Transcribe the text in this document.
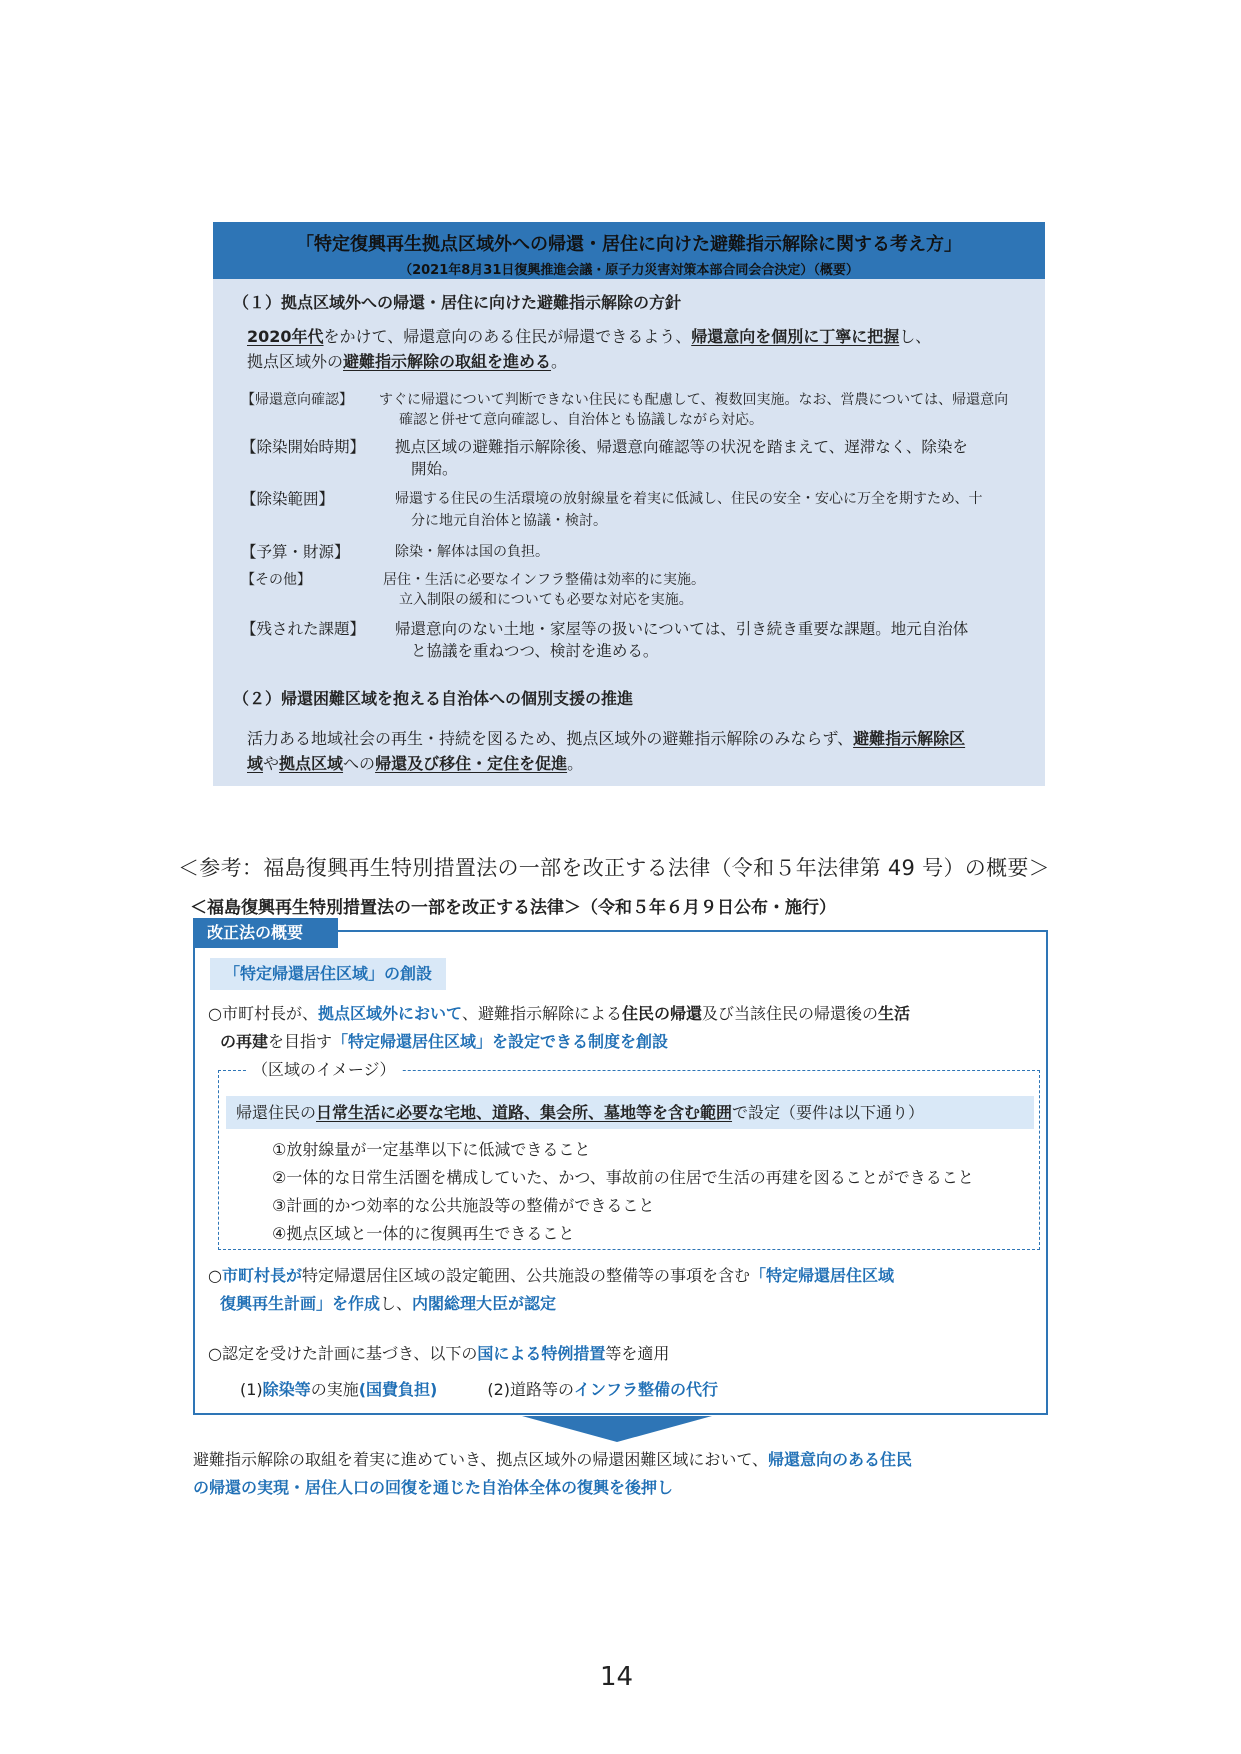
「特定復興再生拠点区域外への帰還・居住に向けた避難指示解除に関する考え方」
（2021年8月31日復興推進会議・原子力災害対策本部合同会合決定）（概要）
（１）拠点区域外への帰還・居住に向けた避難指示解除の方針
2020年代をかけて、帰還意向のある住民が帰還できるよう、帰還意向を個別に丁寧に把握し、
拠点区域外の避難指示解除の取組を進める。
【帰還意向確認】 すぐに帰還について判断できない住民にも配慮して、複数回実施。なお、営農については、帰還意向
確認と併せて意向確認し、自治体とも協議しながら対応。
【除染開始時期】 拠点区域の避難指示解除後、帰還意向確認等の状況を踏まえて、遅滞なく、除染を
開始。
【除染範囲】	帰還する住民の生活環境の放射線量を着実に低減し、住民の安全・安心に万全を期すため、十
分に地元自治体と協議・検討。
【予算・財源】	除染・解体は国の負担。
【その他】	居住・生活に必要なインフラ整備は効率的に実施。
立入制限の緩和についても必要な対応を実施。
【残された課題】 帰還意向のない土地・家屋等の扱いについては、引き続き重要な課題。地元自治体
と協議を重ねつつ、検討を進める。
（２）帰還困難区域を抱える自治体への個別支援の推進
活力ある地域社会の再生・持続を図るため、拠点区域外の避難指示解除のみならず、避難指示解除区
域や拠点区域への帰還及び移住・定住を促進。
＜参考：福島復興再生特別措置法の一部を改正する法律（令和５年法律第 49 号）の概要＞
＜福島復興再生特別措置法の一部を改正する法律＞（令和５年６月９日公布・施行）
改正法の概要
「特定帰還居住区域」の創設
○市町村長が、拠点区域外において、避難指示解除による住民の帰還及び当該住民の帰還後の生活
の再建を目指す「特定帰還居住区域」を設定できる制度を創設
（区域のイメージ）
帰還住民の日常生活に必要な宅地、道路、集会所、墓地等を含む範囲で設定（要件は以下通り）
①放射線量が一定基準以下に低減できること
②一体的な日常生活圏を構成していた、かつ、事故前の住居で生活の再建を図ることができること
③計画的かつ効率的な公共施設等の整備ができること
④拠点区域と一体的に復興再生できること
○市町村長が特定帰還居住区域の設定範囲、公共施設の整備等の事項を含む「特定帰還居住区域
復興再生計画」を作成し、内閣総理大臣が認定
○認定を受けた計画に基づき、以下の国による特例措置等を適用
(1)除染等の実施(国費負担)	(2)道路等のインフラ整備の代行
避難指示解除の取組を着実に進めていき、拠点区域外の帰還困難区域において、帰還意向のある住民
の帰還の実現・居住人口の回復を通じた自治体全体の復興を後押し
14
